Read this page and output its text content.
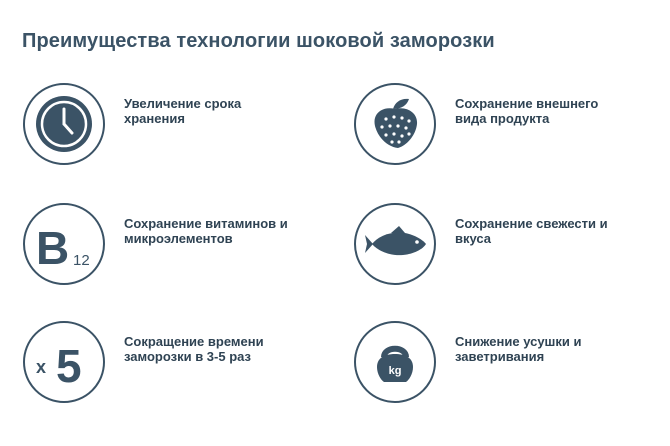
Преимущества технологии шоковой заморозки
Увеличение срока
хранения
Сохранение внешнего
вида продукта
B 12
Сохранение витаминов и
микроэлементов
Сохранение свежести и
вкуса
x 5	Сокращение времени
заморозки в 3-5 раз
kg
Снижение усушки и
заветривания
